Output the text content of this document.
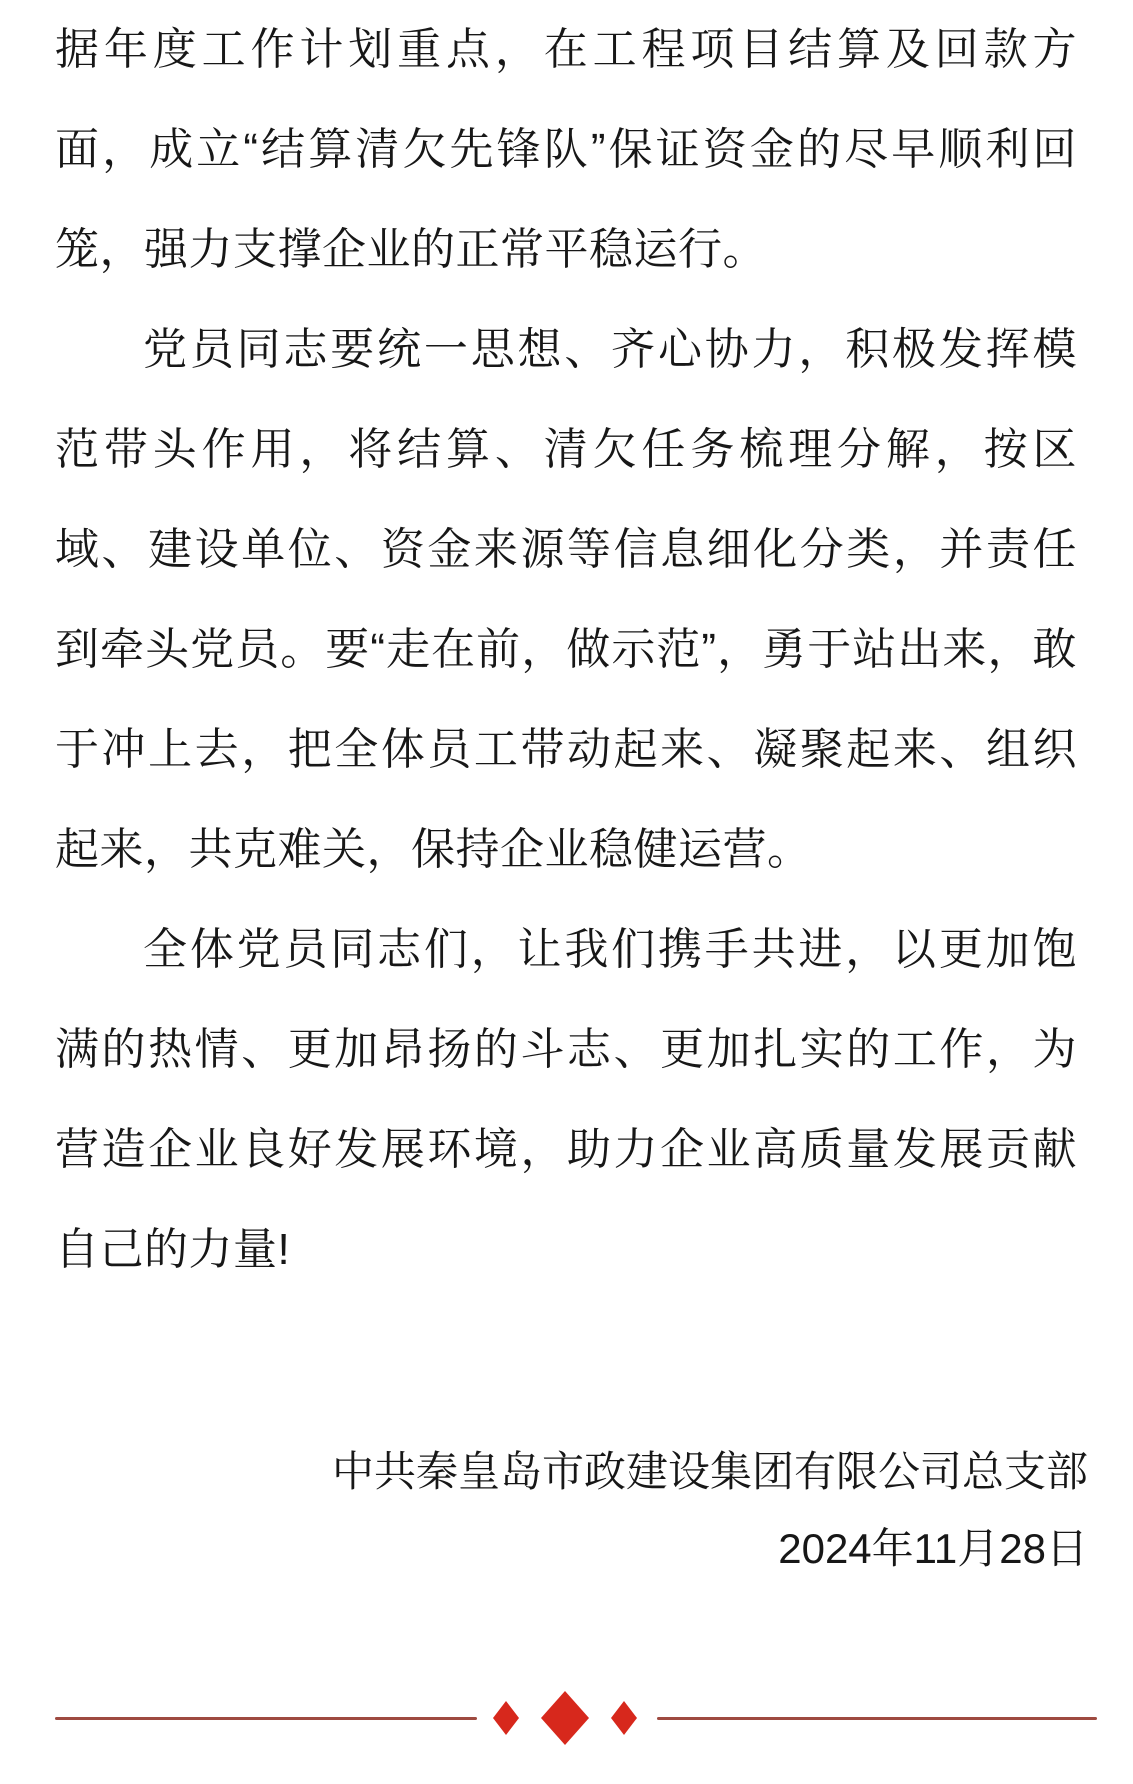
据年度工作计划重点，在工程项目结算及回款方面，成立“结算清欠先锋队”保证资金的尽早顺利回笼，强力支撑企业的正常平稳运行。

党员同志要统一思想、齐心协力，积极发挥模范带头作用，将结算、清欠任务梳理分解，按区域、建设单位、资金来源等信息细化分类，并责任到牵头党员。要“走在前，做示范”，勇于站出来，敢于冲上去，把全体员工带动起来、凝聚起来、组织起来，共克难关，保持企业稳健运营。

全体党员同志们，让我们携手共进，以更加饱满的热情、更加昂扬的斗志、更加扎实的工作，为营造企业良好发展环境，助力企业高质量发展贡献自己的力量!

中共秦皇岛市政建设集团有限公司总支部

2024年11月28日
